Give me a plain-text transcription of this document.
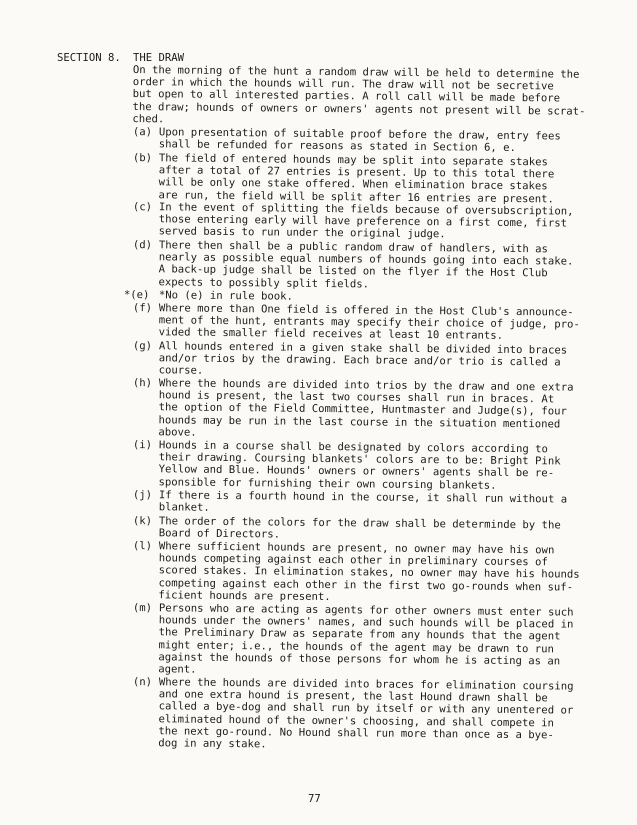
SECTION 8. THE DRAW
On the morning of the hunt a random draw will be held to determine the
order in which the hounds will run. The draw will not be secretive
but open to all interested parties. A roll call will be made before
the draw; hounds of owners or owners' agents not present will be scrat-
ched.
(a) Upon presentation of suitable proof before the draw, entry fees
shall be refunded for reasons as stated in Section 6, e.
(b) The field of entered hounds may be split into separate stakes
after a total of 27 entries is present. Up to this total there
will be only one stake offered. When elimination brace stakes
are run, the field will be split after 16 entries are present.
(c) In the event of splitting the fields because of oversubscription,
those entering early will have preference on a first come, first
served basis to run under the original judge.
(d) There then shall be a public random draw of handlers, with as
nearly as possible equal numbers of hounds going into each stake.
A back-up judge shall be listed on the flyer if the Host Club
expects to possibly split fields.
*(e) *No (e) in rule book.
(f) Where more than One field is offered in the Host Club's announce-
ment of the hunt, entrants may specify their choice of judge, pro-
vided the smaller field receives at least 10 entrants.
(g) All hounds entered in a given stake shall be divided into braces
and/or trios by the drawing. Each brace and/or trio is called a
course.
(h) Where the hounds are divided into trios by the draw and one extra
hound is present, the last two courses shall run in braces. At
the option of the Field Committee, Huntmaster and Judge(s), four
hounds may be run in the last course in the situation mentioned
above.
(i) Hounds in a course shall be designated by colors according to
their drawing. Coursing blankets' colors are to be: Bright Pink
Yellow and Blue. Hounds' owners or owners' agents shall be re-
sponsible for furnishing their own coursing blankets.
(j) If there is a fourth hound in the course, it shall run without a
blanket.
(k) The order of the colors for the draw shall be determinde by the
Board of Directors.
(l) Where sufficient hounds are present, no owner may have his own
hounds competing against each other in preliminary courses of
scored stakes. In elimination stakes, no owner may have his hounds
competing against each other in the first two go-rounds when suf-
ficient hounds are present.
(m) Persons who are acting as agents for other owners must enter such
hounds under the owners' names, and such hounds will be placed in
the Preliminary Draw as separate from any hounds that the agent
might enter; i.e., the hounds of the agent may be drawn to run
against the hounds of those persons for whom he is acting as an
agent.
(n) Where the hounds are divided into braces for elimination coursing
and one extra hound is present, the last Hound drawn shall be
called a bye-dog and shall run by itself or with any unentered or
eliminated hound of the owner's choosing, and shall compete in
the next go-round. No Hound shall run more than once as a bye-
dog in any stake.
77
